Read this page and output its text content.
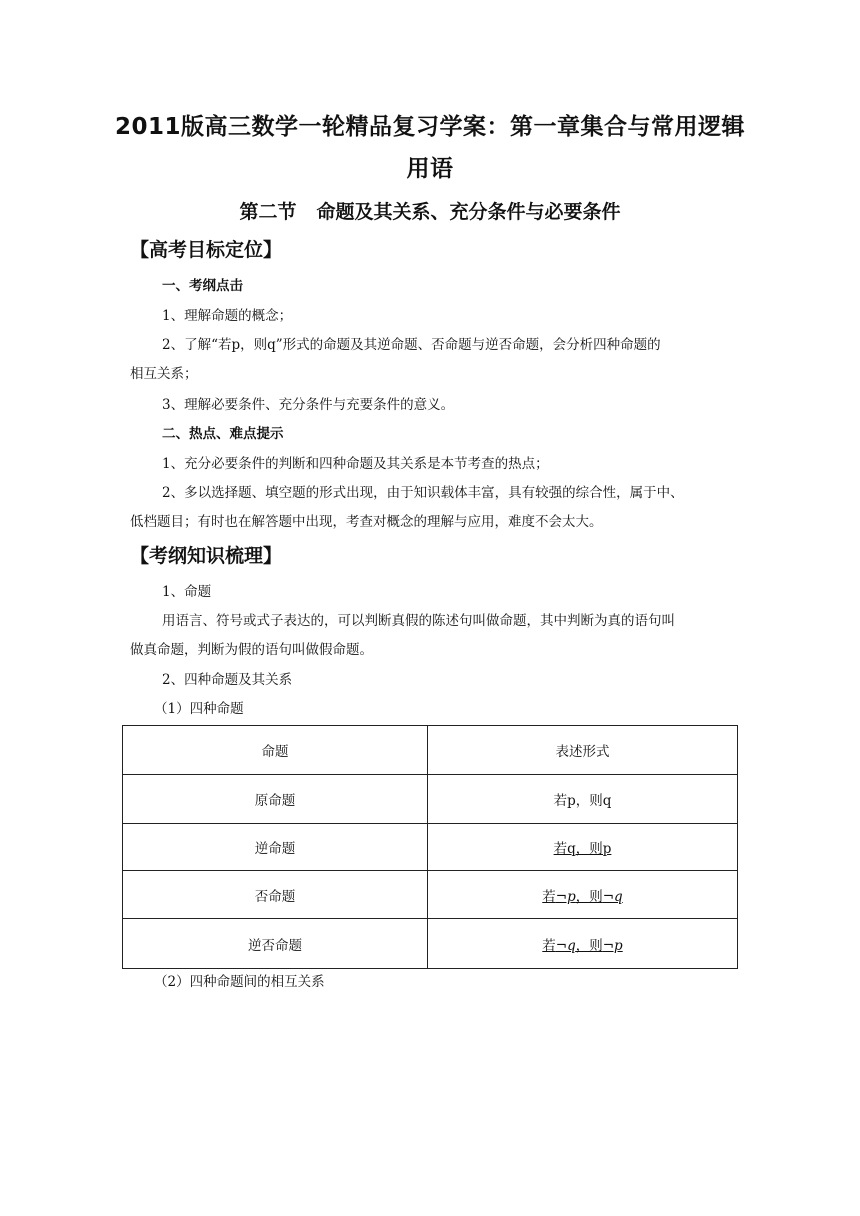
2011版高三数学一轮精品复习学案：第一章集合与常用逻辑
用语
第二节 命题及其关系、充分条件与必要条件
【高考目标定位】
一、考纲点击
1、理解命题的概念；
2、了解“若p，则q”形式的命题及其逆命题、否命题与逆否命题，会分析四种命题的
相互关系；
3、理解必要条件、充分条件与充要条件的意义。
二、热点、难点提示
1、充分必要条件的判断和四种命题及其关系是本节考查的热点；
2、多以选择题、填空题的形式出现，由于知识载体丰富，具有较强的综合性，属于中、
低档题目；有时也在解答题中出现，考查对概念的理解与应用，难度不会太大。
【考纲知识梳理】
1、命题
用语言、符号或式子表达的，可以判断真假的陈述句叫做命题，其中判断为真的语句叫
做真命题，判断为假的语句叫做假命题。
2、四种命题及其关系
（1）四种命题
命题	表述形式
原命题	若p，则q
逆命题	若q，则p
否命题	若¬p，则¬q
逆否命题	若¬q，则¬p
（2）四种命题间的相互关系
